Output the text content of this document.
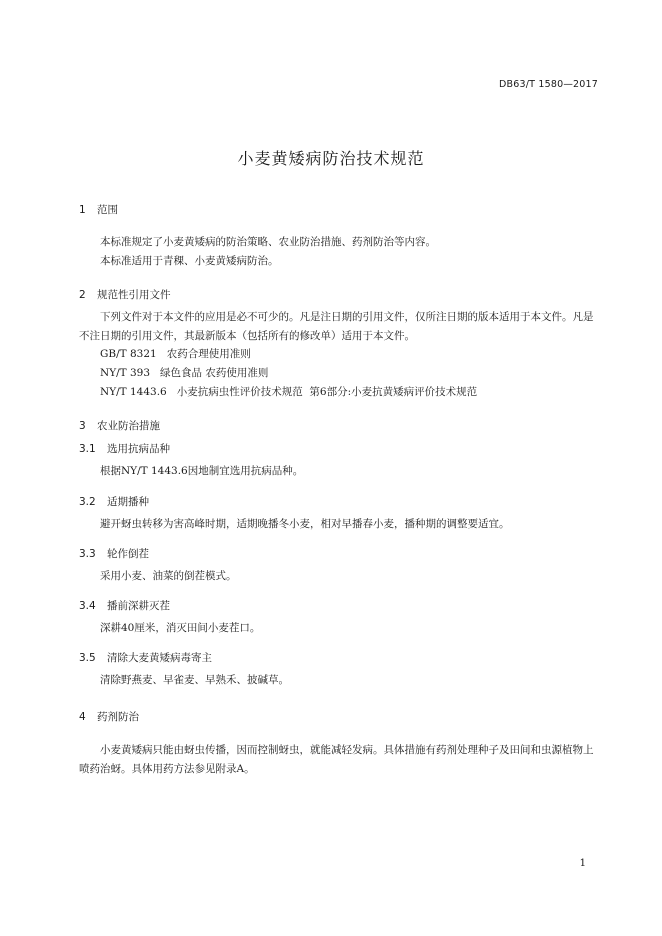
DB63/T 1580—2017
小麦黄矮病防治技术规范
1 范围
本标准规定了小麦黄矮病的防治策略、农业防治措施、药剂防治等内容。
本标准适用于青稞、小麦黄矮病防治。
2 规范性引用文件
下列文件对于本文件的应用是必不可少的。凡是注日期的引用文件，仅所注日期的版本适用于本文件。凡是不注日期的引用文件，其最新版本（包括所有的修改单）适用于本文件。
GB/T 8321   农药合理使用准则
NY/T 393   绿色食品 农药使用准则
NY/T 1443.6   小麦抗病虫性评价技术规范  第6部分:小麦抗黄矮病评价技术规范
3 农业防治措施
3.1 选用抗病品种
根据NY/T 1443.6因地制宜选用抗病品种。
3.2 适期播种
避开蚜虫转移为害高峰时期，适期晚播冬小麦，相对早播春小麦，播种期的调整要适宜。
3.3 轮作倒茬
采用小麦、油菜的倒茬模式。
3.4 播前深耕灭茬
深耕40厘米，消灭田间小麦茬口。
3.5 清除大麦黄矮病毒寄主
清除野燕麦、早雀麦、早熟禾、披碱草。
4 药剂防治
小麦黄矮病只能由蚜虫传播，因而控制蚜虫，就能减轻发病。具体措施有药剂处理种子及田间和虫源植物上喷药治蚜。具体用药方法参见附录A。
1
